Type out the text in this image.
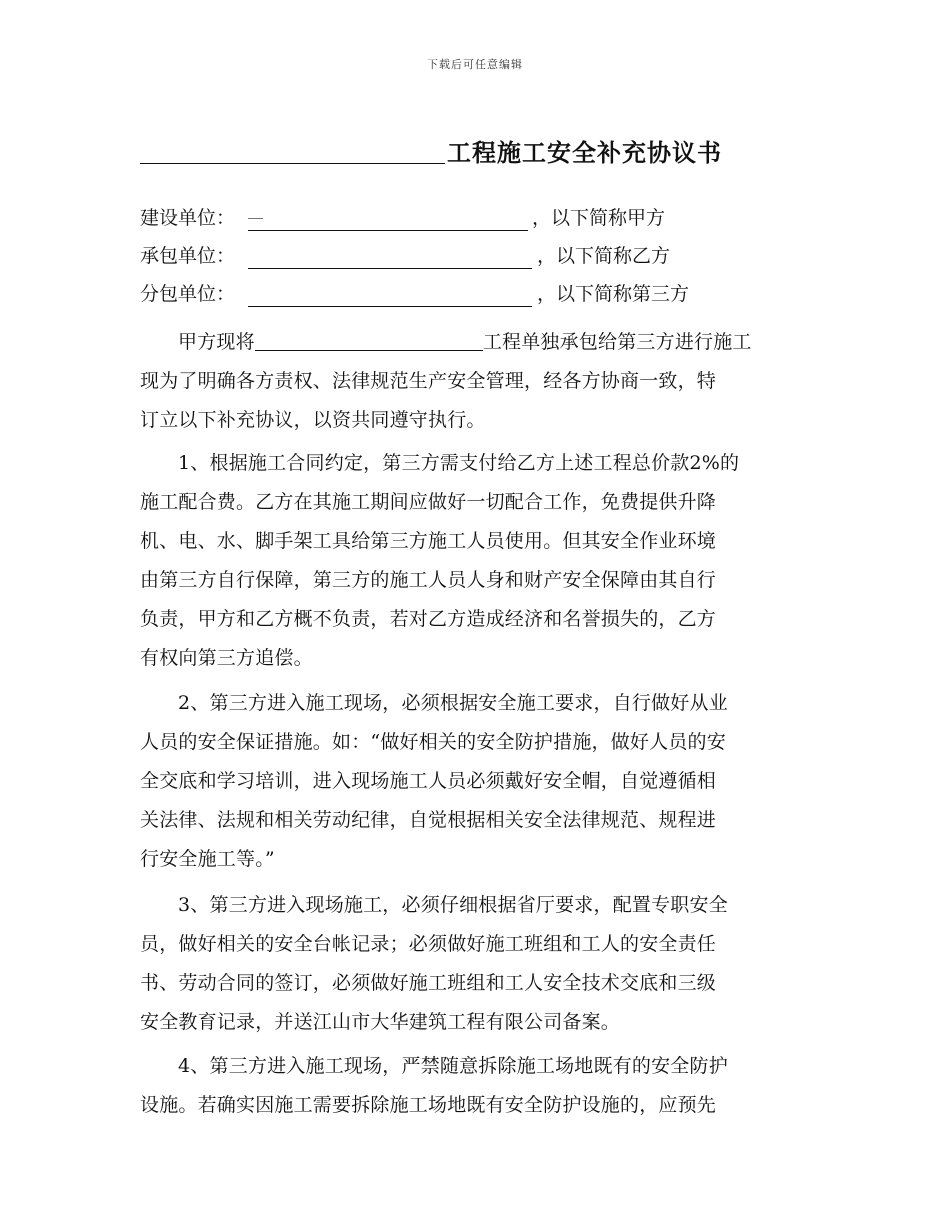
下载后可任意编辑
工程施工安全补充协议书
建设单位： __	，以下简称甲方
承包单位：	，以下简称乙方
分包单位：	，以下简称第三方
甲方现将	工程单独承包给第三方进行施工
现为了明确各方责权、法律规范生产安全管理，经各方协商一致，特
订立以下补充协议，以资共同遵守执行。
1、根据施工合同约定，第三方需支付给乙方上述工程总价款2%的
施工配合费。乙方在其施工期间应做好一切配合工作，免费提供升降
机、电、水、脚手架工具给第三方施工人员使用。但其安全作业环境
由第三方自行保障，第三方的施工人员人身和财产安全保障由其自行
负责，甲方和乙方概不负责，若对乙方造成经济和名誉损失的，乙方
有权向第三方追偿。
2、第三方进入施工现场，必须根据安全施工要求，自行做好从业
人员的安全保证措施。如：“做好相关的安全防护措施，做好人员的安
全交底和学习培训，进入现场施工人员必须戴好安全帽，自觉遵循相
关法律、法规和相关劳动纪律，自觉根据相关安全法律规范、规程进
行安全施工等。”
3、第三方进入现场施工，必须仔细根据省厅要求，配置专职安全
员，做好相关的安全台帐记录；必须做好施工班组和工人的安全责任
书、劳动合同的签订，必须做好施工班组和工人安全技术交底和三级
安全教育记录，并送江山市大华建筑工程有限公司备案。
4、第三方进入施工现场，严禁随意拆除施工场地既有的安全防护
设施。若确实因施工需要拆除施工场地既有安全防护设施的，应预先
